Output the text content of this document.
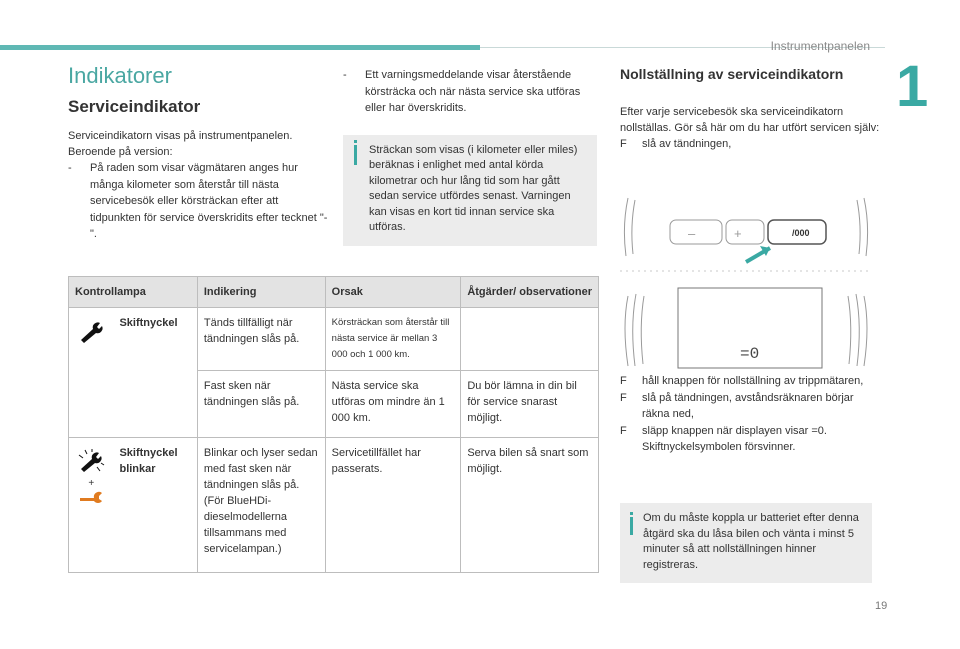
Instrumentpanelen
1
19
Indikatorer
Serviceindikator
Serviceindikatorn visas på instrumentpanelen. Beroende på version:
- På raden som visar vägmätaren anges hur många kilometer som återstår till nästa servicebesök eller körsträckan efter att tidpunkten för service överskridits efter tecknet "-".
- Ett varningsmeddelande visar återstående körsträcka och när nästa service ska utföras eller har överskridits.
Sträckan som visas (i kilometer eller miles) beräknas i enlighet med antal körda kilometrar och hur lång tid som har gått sedan service utfördes senast. Varningen kan visas en kort tid innan service ska utföras.
Nollställning av serviceindikatorn
Efter varje servicebesök ska serviceindikatorn nollställas. Gör så här om du har utfört servicen själv:
F slå av tändningen,
–	+	/000
=0
F håll knappen för nollställning av trippmätaren,
F slå på tändningen, avståndsräknaren börjar räkna ned,
F släpp knappen när displayen visar =0. Skiftnyckelsymbolen försvinner.
Om du måste koppla ur batteriet efter denna åtgärd ska du låsa bilen och vänta i minst 5 minuter så att nollställningen hinner registreras.
Kontrollampa		Indikering	Orsak	Åtgärder/ observationer
	Skiftnyckel	Tänds tillfälligt när tändningen slås på.	Körsträckan som återstår till nästa service är mellan 3 000 och 1 000 km.	
		Fast sken när tändningen slås på.	Nästa service ska utföras om mindre än 1 000 km.	Du bör lämna in din bil för service snarast möjligt.

+	Skiftnyckel blinkar	Blinkar och lyser sedan med fast sken när tändningen slås på. (För BlueHDi-dieselmodellerna tillsammans med servicelampan.)	Servicetillfället har passerats.	Serva bilen så snart som möjligt.
